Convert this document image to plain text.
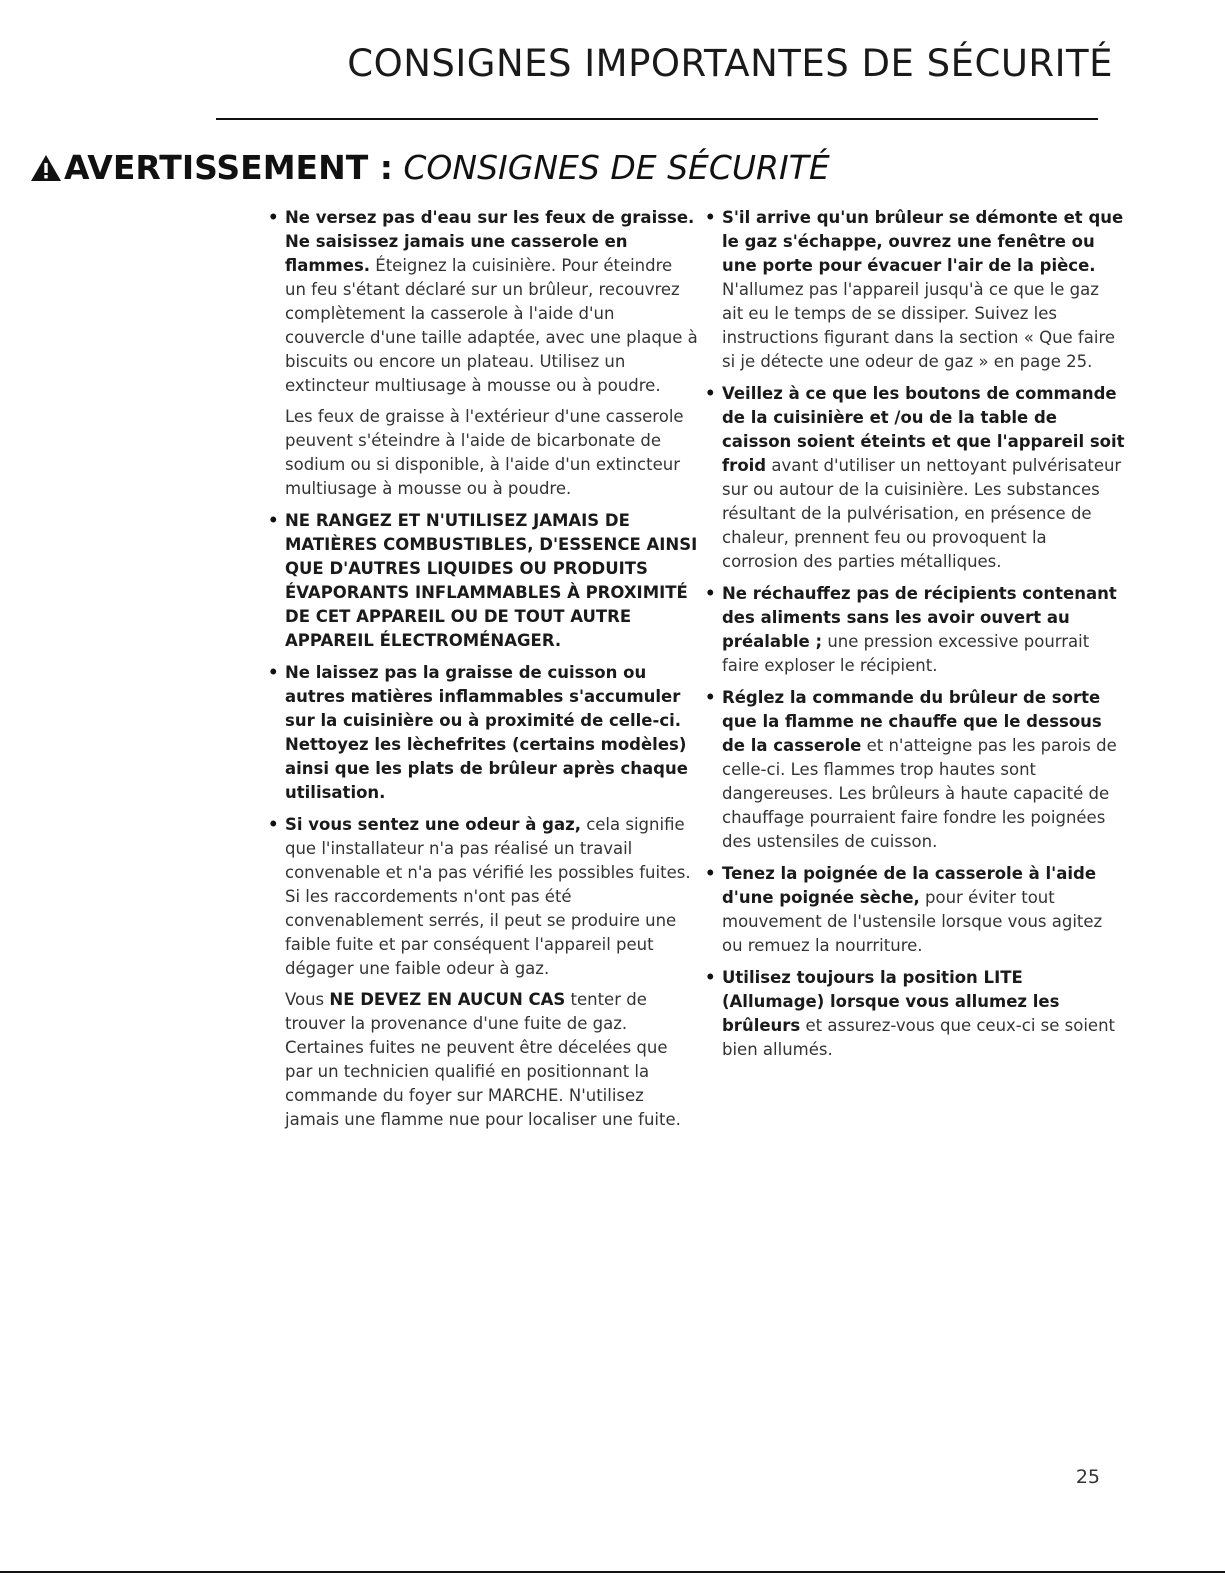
CONSIGNES IMPORTANTES DE SÉCURITÉ
AVERTISSEMENT : CONSIGNES DE SÉCURITÉ
• Ne versez pas d'eau sur les feux de graisse. Ne saisissez jamais une casserole en flammes. Éteignez la cuisinière. Pour éteindre un feu s'étant déclaré sur un brûleur, recouvrez complètement la casserole à l'aide d'un couvercle d'une taille adaptée, avec une plaque à biscuits ou encore un plateau. Utilisez un extincteur multiusage à mousse ou à poudre.

Les feux de graisse à l'extérieur d'une casserole peuvent s'éteindre à l'aide de bicarbonate de sodium ou si disponible, à l'aide d'un extincteur multiusage à mousse ou à poudre.

• NE RANGEZ ET N'UTILISEZ JAMAIS DE MATIÈRES COMBUSTIBLES, D'ESSENCE AINSI QUE D'AUTRES LIQUIDES OU PRODUITS ÉVAPORANTS INFLAMMABLES À PROXIMITÉ DE CET APPAREIL OU DE TOUT AUTRE APPAREIL ÉLECTROMÉNAGER.

• Ne laissez pas la graisse de cuisson ou autres matières inflammables s'accumuler sur la cuisinière ou à proximité de celle-ci. Nettoyez les lèchefrites (certains modèles) ainsi que les plats de brûleur après chaque utilisation.

• Si vous sentez une odeur à gaz, cela signifie que l'installateur n'a pas réalisé un travail convenable et n'a pas vérifié les possibles fuites. Si les raccordements n'ont pas été convenablement serrés, il peut se produire une faible fuite et par conséquent l'appareil peut dégager une faible odeur à gaz.

Vous NE DEVEZ EN AUCUN CAS tenter de trouver la provenance d'une fuite de gaz. Certaines fuites ne peuvent être décelées que par un technicien qualifié en positionnant la commande du foyer sur MARCHE. N'utilisez jamais une flamme nue pour localiser une fuite.

• S'il arrive qu'un brûleur se démonte et que le gaz s'échappe, ouvrez une fenêtre ou une porte pour évacuer l'air de la pièce. N'allumez pas l'appareil jusqu'à ce que le gaz ait eu le temps de se dissiper. Suivez les instructions figurant dans la section « Que faire si je détecte une odeur de gaz » en page 25.

• Veillez à ce que les boutons de commande de la cuisinière et /ou de la table de caisson soient éteints et que l'appareil soit froid avant d'utiliser un nettoyant pulvérisateur sur ou autour de la cuisinière. Les substances résultant de la pulvérisation, en présence de chaleur, prennent feu ou provoquent la corrosion des parties métalliques.

• Ne réchauffez pas de récipients contenant des aliments sans les avoir ouvert au préalable ; une pression excessive pourrait faire exploser le récipient.

• Réglez la commande du brûleur de sorte que la flamme ne chauffe que le dessous de la casserole et n'atteigne pas les parois de celle-ci. Les flammes trop hautes sont dangereuses. Les brûleurs à haute capacité de chauffage pourraient faire fondre les poignées des ustensiles de cuisson.

• Tenez la poignée de la casserole à l'aide d'une poignée sèche, pour éviter tout mouvement de l'ustensile lorsque vous agitez ou remuez la nourriture.

• Utilisez toujours la position LITE (Allumage) lorsque vous allumez les brûleurs et assurez-vous que ceux-ci se soient bien allumés.

25
